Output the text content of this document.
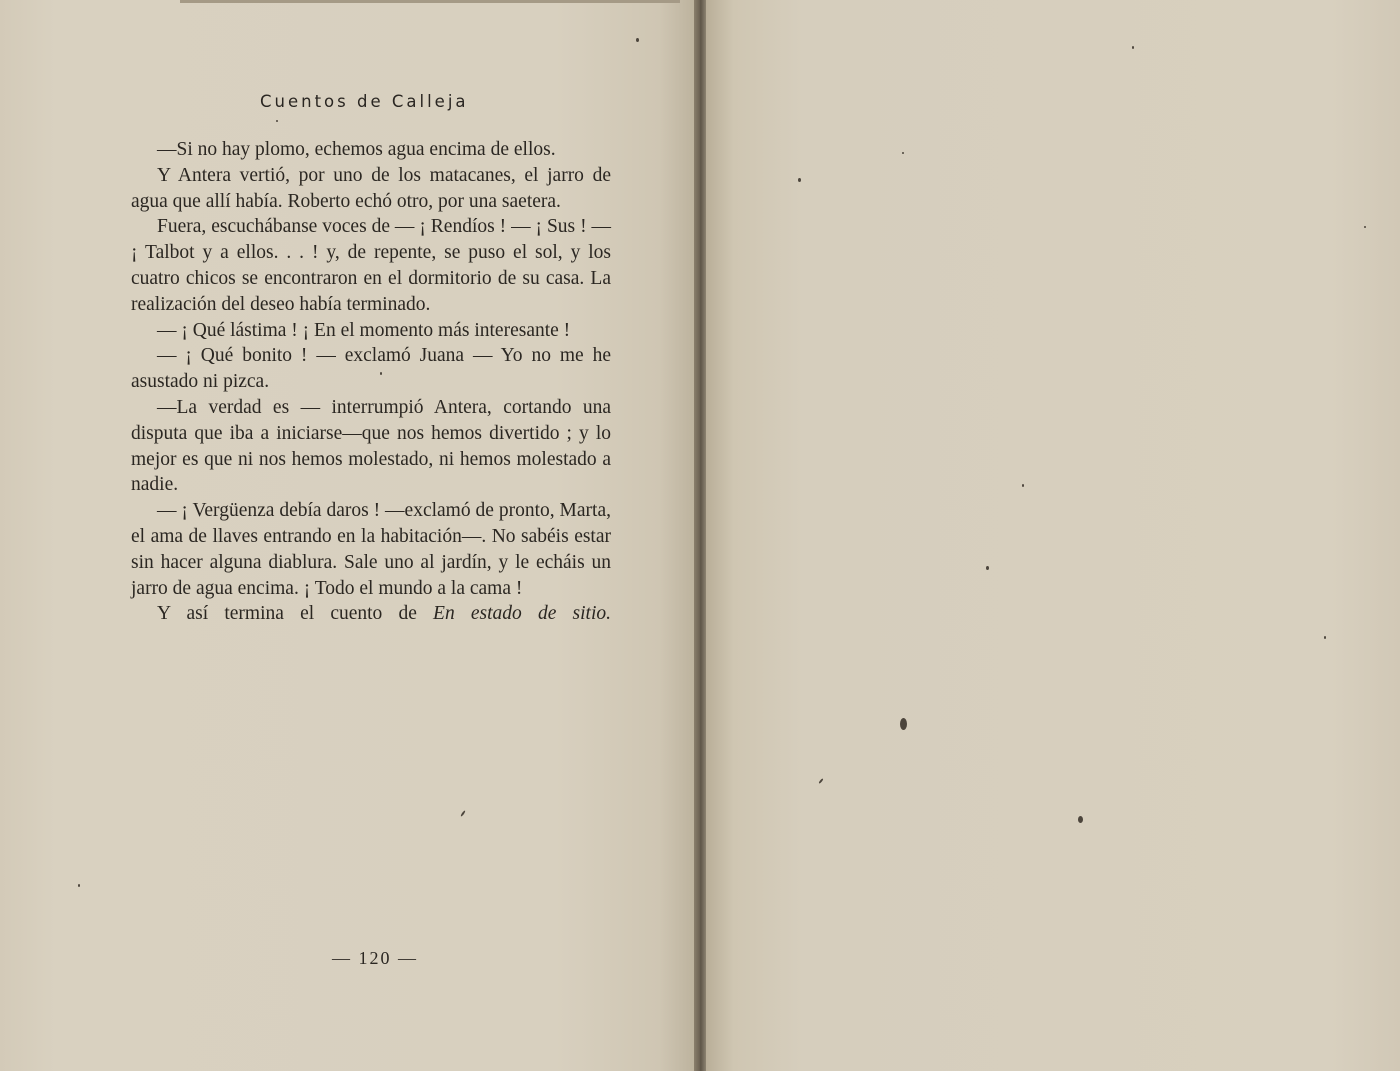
Cuentos de Calleja

—Si no hay plomo, echemos agua encima de ellos.

Y Antera vertió, por uno de los matacanes, el jarro de agua que allí había. Roberto echó otro, por una saetera.

Fuera, escuchábanse voces de — ¡ Rendíos ! — ¡ Sus ! — ¡ Talbot y a ellos. . . ! y, de repente, se puso el sol, y los cuatro chicos se encontraron en el dormitorio de su casa. La realización del deseo había terminado.

— ¡ Qué lástima ! ¡ En el momento más interesante !

— ¡ Qué bonito ! — exclamó Juana — Yo no me he asustado ni pizca.

—La verdad es — interrumpió Antera, cortando una disputa que iba a iniciarse—que nos hemos divertido ; y lo mejor es que ni nos hemos molestado, ni hemos molestado a nadie.

— ¡ Vergüenza debía daros ! —exclamó de pronto, Marta, el ama de llaves entrando en la habitación—. No sabéis estar sin hacer alguna diablura. Sale uno al jardín, y le echáis un jarro de agua encima. ¡ Todo el mundo a la cama !

Y así termina el cuento de En estado de sitio.

— 120 —
